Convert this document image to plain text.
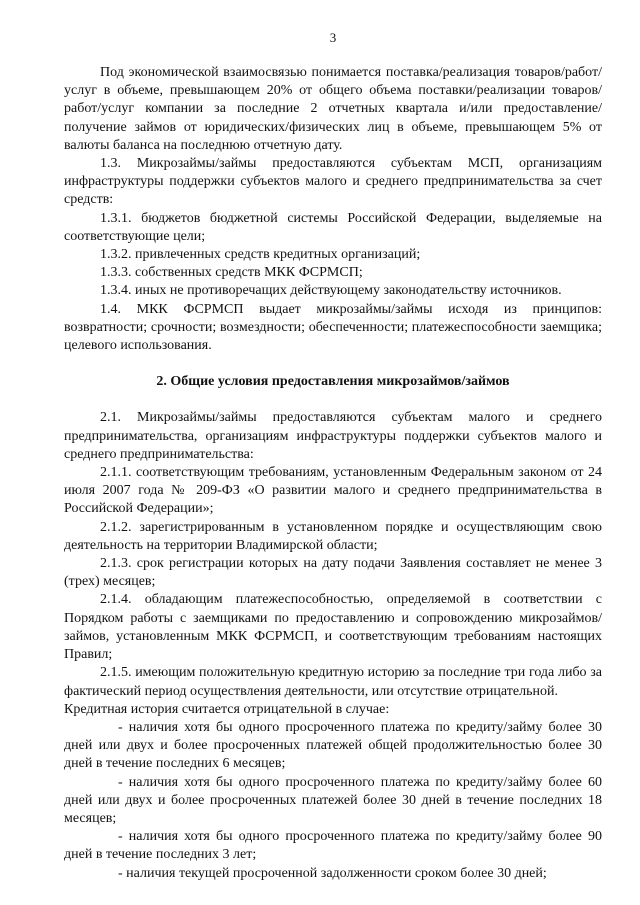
3

Под экономической взаимосвязью понимается поставка/реализация товаров/работ/услуг в объеме, превышающем 20% от общего объема поставки/реализации товаров/работ/услуг компании за последние 2 отчетных квартала и/или предоставление/получение займов от юридических/физических лиц в объеме, превышающем 5% от валюты баланса на последнюю отчетную дату.

1.3. Микрозаймы/займы предоставляются субъектам МСП, организациям инфраструктуры поддержки субъектов малого и среднего предпринимательства за счет средств:

1.3.1. бюджетов бюджетной системы Российской Федерации, выделяемые на соответствующие цели;

1.3.2. привлеченных средств кредитных организаций;

1.3.3. собственных средств МКК ФСРМСП;

1.3.4. иных не противоречащих действующему законодательству источников.

1.4. МКК ФСРМСП выдает микрозаймы/займы исходя из принципов: возвратности; срочности; возмездности; обеспеченности; платежеспособности заемщика; целевого использования.

2. Общие условия предоставления микрозаймов/займов

2.1. Микрозаймы/займы предоставляются субъектам малого и среднего предпринимательства, организациям инфраструктуры поддержки субъектов малого и среднего предпринимательства:

2.1.1. соответствующим требованиям, установленным Федеральным законом от 24 июля 2007 года № 209-ФЗ «О развитии малого и среднего предпринимательства в Российской Федерации»;

2.1.2. зарегистрированным в установленном порядке и осуществляющим свою деятельность на территории Владимирской области;

2.1.3. срок регистрации которых на дату подачи Заявления составляет не менее 3 (трех) месяцев;

2.1.4. обладающим платежеспособностью, определяемой в соответствии с Порядком работы с заемщиками по предоставлению и сопровождению микрозаймов/займов, установленным МКК ФСРМСП, и соответствующим требованиям настоящих Правил;

2.1.5. имеющим положительную кредитную историю за последние три года либо за фактический период осуществления деятельности, или отсутствие отрицательной.

Кредитная история считается отрицательной в случае:

- наличия хотя бы одного просроченного платежа по кредиту/займу более 30 дней или двух и более просроченных платежей общей продолжительностью более 30 дней в течение последних 6 месяцев;

- наличия хотя бы одного просроченного платежа по кредиту/займу более 60 дней или двух и более просроченных платежей более 30 дней в течение последних 18 месяцев;

- наличия хотя бы одного просроченного платежа по кредиту/займу более 90 дней в течение последних 3 лет;

- наличия текущей просроченной задолженности сроком более 30 дней;
